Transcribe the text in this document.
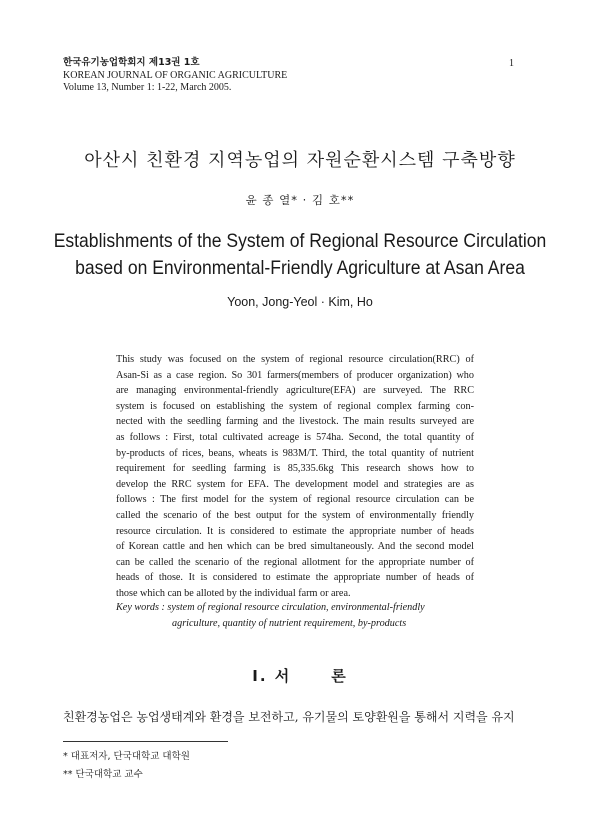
한국유기농업학회지 제13권 1호
KOREAN JOURNAL OF ORGANIC AGRICULTURE
Volume 13, Number 1: 1-22, March 2005.
1
아산시 친환경 지역농업의 자원순환시스템 구축방향
윤 종 열* · 김 호**
Establishments of the System of Regional Resource Circulation
based on Environmental-Friendly Agriculture at Asan Area
Yoon, Jong-Yeol · Kim, Ho
This study was focused on the system of regional resource circulation(RRC) of
Asan-Si as a case region. So 301 farmers(members of producer organization) who
are managing environmental-friendly agriculture(EFA) are surveyed. The RRC
system is focused on establishing the system of regional complex farming con-
nected with the seedling farming and the livestock. The main results surveyed are
as follows : First, total cultivated acreage is 574ha. Second, the total quantity of
by-products of rices, beans, wheats is 983M/T. Third, the total quantity of nutrient
requirement for seedling farming is 85,335.6kg This research shows how to
develop the RRC system for EFA. The development model and strategies are as
follows : The first model for the system of regional resource circulation can be
called the scenario of the best output for the system of environmentally friendly
resource circulation. It is considered to estimate the appropriate number of heads
of Korean cattle and hen which can be bred simultaneously. And the second model
can be called the scenario of the regional allotment for the appropriate number of
heads of those. It is considered to estimate the appropriate number of heads of
those which can be alloted by the individual farm or area.
Key words : system of regional resource circulation, environmental-friendly
agriculture, quantity of nutrient requirement, by-products
Ⅰ. 서	론
친환경농업은 농업생태계와 환경을 보전하고, 유기물의 토양환원을 통해서 지력을 유지
* 대표저자, 단국대학교 대학원
** 단국대학교 교수
